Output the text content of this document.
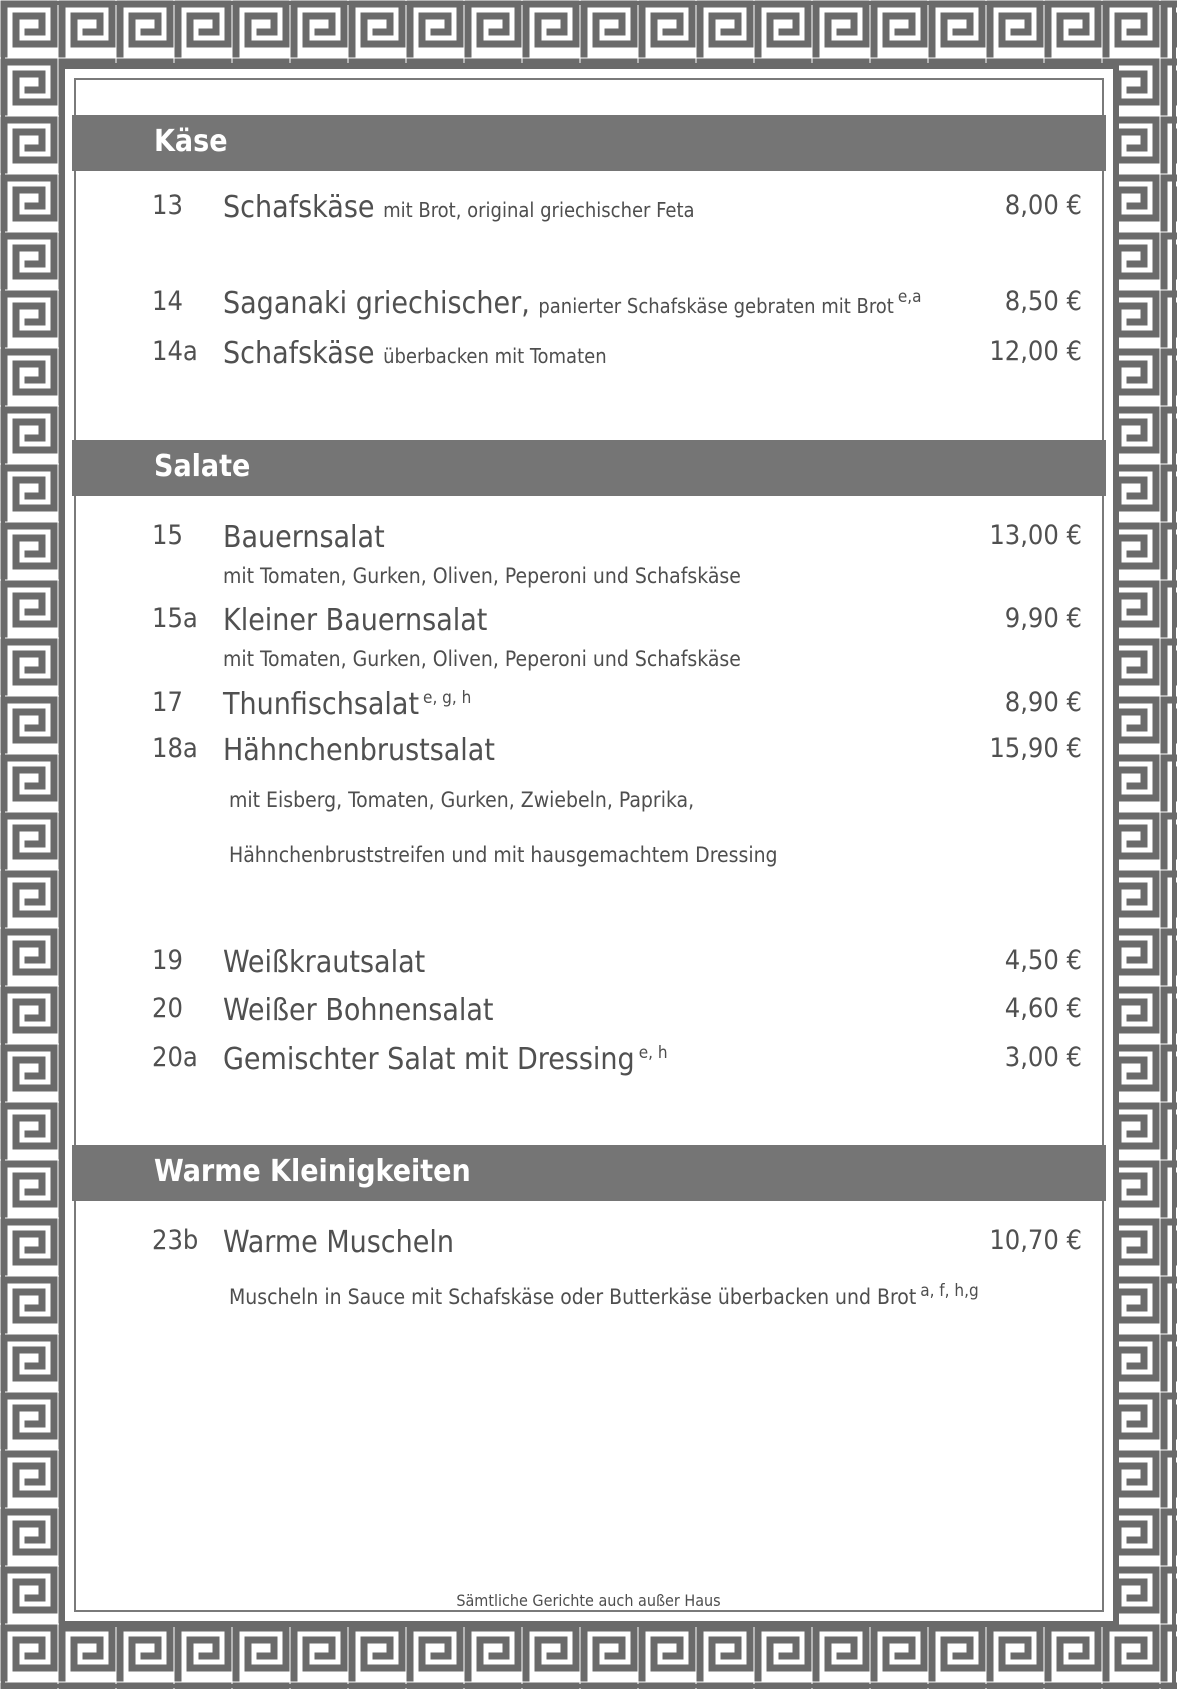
Käse
13 Schafskäse mit Brot, original griechischer Feta	8,00 €
14 Saganaki griechischer, panierter Schafskäse gebraten mit Brot $^{e,a}$	8,50 €
14a Schafskäse überbacken mit Tomaten	12,00 €
Salate
15 Bauernsalat	13,00 €
mit Tomaten, Gurken, Oliven, Peperoni und Schafskäse
15a Kleiner Bauernsalat	9,90 €
mit Tomaten, Gurken, Oliven, Peperoni und Schafskäse
17 Thunfischsalat $^{e, g, h}$	8,90 €
18a Hähnchenbrustsalat	15,90 €
mit Eisberg, Tomaten, Gurken, Zwiebeln, Paprika,
Hähnchenbruststreifen und mit hausgemachtem Dressing
19 Weißkrautsalat	4,50 €
20 Weißer Bohnensalat	4,60 €
20a Gemischter Salat mit Dressing $^{e, h}$	3,00 €
Warme Kleinigkeiten
23b Warme Muscheln	10,70 €
Muscheln in Sauce mit Schafskäse oder Butterkäse überbacken und Brot $^{a, f, h,g}$
Sämtliche Gerichte auch außer Haus
